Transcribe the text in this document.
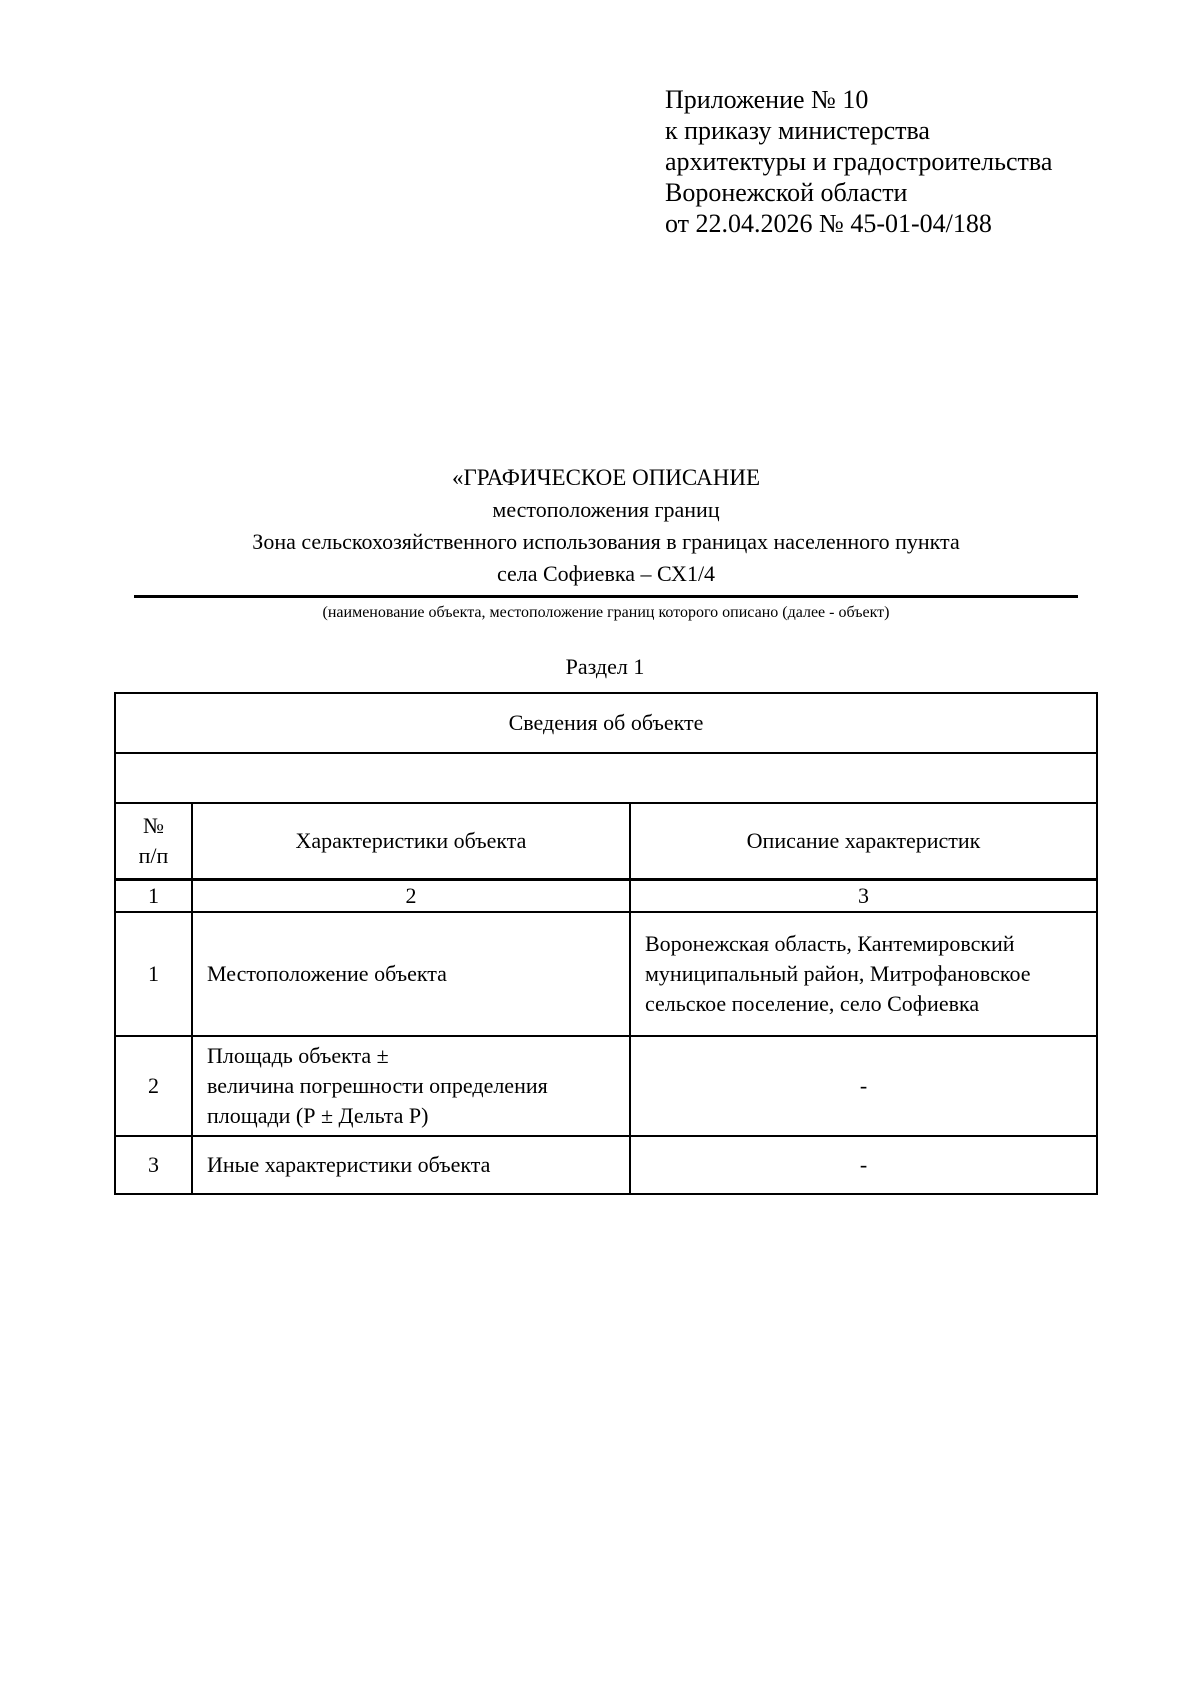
Приложение № 10
к приказу министерства
архитектуры и градостроительства
Воронежской области
от 22.04.2026 № 45-01-04/188
«ГРАФИЧЕСКОЕ ОПИСАНИЕ
местоположения границ
Зона сельскохозяйственного использования в границах населенного пункта
села Софиевка – СХ1/4
(наименование объекта, местоположение границ которого описано (далее - объект)
Раздел 1
Сведения об объекте		

№
п/п	Характеристики объекта	Описание характеристик
1	2	3
1	Местоположение объекта	Воронежская область, Кантемировский
муниципальный район, Митрофановское
сельское поселение, село Софиевка

2	Площадь объекта ±
величина погрешности определения
площади (Р ± Дельта Р)	-

3	Иные характеристики объекта	-
